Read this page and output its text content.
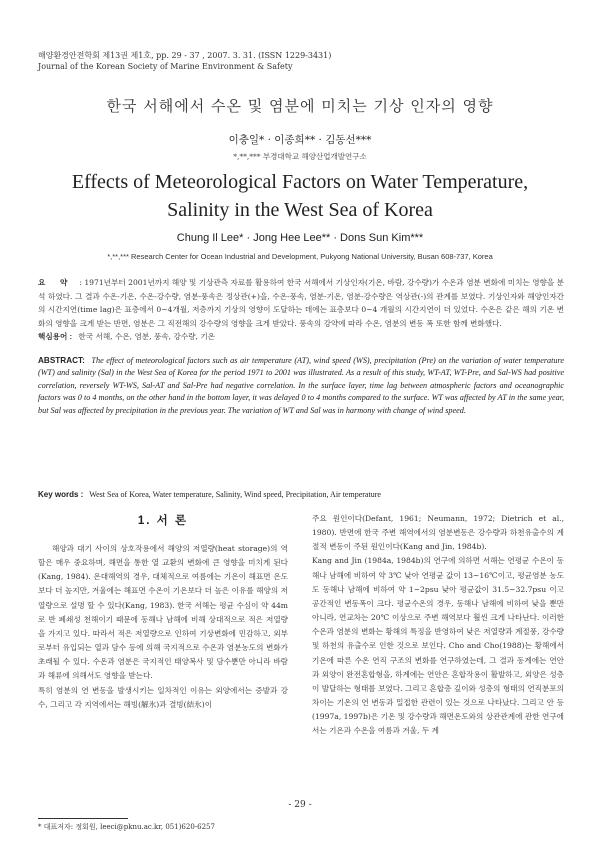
해양환경안전학회 제13권 제1호, pp. 29 - 37 , 2007. 3. 31. (ISSN 1229-3431)
Journal of the Korean Society of Marine Environment & Safety
한국 서해에서 수온 및 염분에 미치는 기상 인자의 영향
이충일* · 이종희** · 김동선***
*,**,*** 부경대학교 해양산업개발연구소
Effects of Meteorological Factors on Water Temperature,
Salinity in the West Sea of Korea
Chung Il Lee* · Jong Hee Lee** · Dons Sun Kim***
*,**,*** Research Center for Ocean Industrial and Development, Pukyong National University, Busan 608-737, Korea
요 약 : 1971년부터 2001년까지 해양 및 기상관측 자료를 활용하여 한국 서해에서 기상인자(기온, 바람, 강수량)가 수온과 염분 변화에 미치는 영향을 분석 하였다. 그 결과 수온-기온, 수온-강수량, 염분-풍속은 정상관(+)을, 수온-풍속, 염분-기온, 염분-강수량은 역상관(-)의 관계를 보였다. 기상인자와 해양인자간의 시간지연(time lag)은 표층에서 0~4개월, 저층까지 기상의 영향이 도달하는 데에는 표층보다 0~4 개월의 시간지연이 더 있었다. 수온은 같은 해의 기온 변화의 영향을 크게 받는 반면, 염분은 그 직전해의 강수량의 영향을 크게 받았다. 풍속의 강약에 따라 수온, 염분의 변동 폭 또한 함께 변화했다.
핵심용어 : 한국 서해, 수온, 염분, 풍속, 강수량, 기온
ABSTRACT: The effect of meteorological factors such as air temperature (AT), wind speed (WS), precipitation (Pre) on the variation of water temperature (WT) and salinity (Sal) in the West Sea of Korea for the period 1971 to 2001 was illustrated. As a result of this study, WT-AT, WT-Pre, and Sal-WS had positive correlation, reversely WT-WS, Sal-AT and Sal-Pre had negative correlation. In the surface layer, time lag between atmospheric factors and oceanographic factors was 0 to 4 months, on the other hand in the bottom layer, it was delayed 0 to 4 months compared to the surface. WT was affected by AT in the same year, but Sal was affected by precipitation in the previous year. The variation of WT and Sal was in harmony with change of wind speed.
Key words : West Sea of Korea, Water temperature, Salinity, Wind speed, Precipitation, Air temperature
1. 서 론

해양과 대기 사이의 상호작용에서 해양의 저열량(heat storage)의 역할은 매우 중요하며, 해면을 통한 열 교환의 변화에 큰 영향을 미치게 된다(Kang, 1984). 온대해역의 경우, 대체적으로 여름에는 기온이 해표면 온도보다 더 높지만, 겨울에는 해표면 수온이 기온보다 더 높은 이유를 해양의 저열량으로 설명 할 수 있다(Kang, 1983). 한국 서해는 평균 수심이 약 44m로 반 폐쇄성 천해이기 때문에 동해나 남해에 비해 상대적으로 적은 저열량을 가지고 있다. 따라서 적은 저열량으로 인하여 기상변화에 민감하고, 외부로부터 유입되는 열과 담수 등에 의해 국지적으로 수온과 염분농도의 변화가 초래될 수 있다. 수온과 염분은 국지적인 태양복사 및 담수뿐만 아니라 바람과 해류에 의해서도 영향을 받는다.

특히 염분의 연 변동을 발생시키는 일차적인 이유는 외양에서는 증발과 강수, 그리고 각 지역에서는 해빙(解氷)과 결빙(結氷)이

주요 원인이다(Defant, 1961; Neumann, 1972; Dietrich et al., 1980). 반면에 한국 주변 해역에서의 염분변동은 강수량과 하천유출수의 계절적 변동이 주된 원인이다(Kang and Jin, 1984b).

Kang and Jin (1984a, 1984b)의 연구에 의하면 서해는 연평균 수온이 동해나 남해에 비하여 약 3℃ 낮아 연평균 값이 13~16℃이고, 평균염분 농도도 동해나 남해에 비하여 약 1~2psu 낮아 평균값이 31.5~32.7psu 이고 공간적인 변동폭이 크다. 평균수온의 경우, 동해나 남해에 비하여 낮을 뿐만 아니라, 연교차는 20℃ 이상으로 주변 해역보다 훨씬 크게 나타난다. 이러한 수온과 염분의 변화는 황해의 특징을 반영하여 낮은 저열량과 계절풍, 강수량 및 하천의 유출수로 인한 것으로 보인다. Cho and Cho(1988)는 황해에서 기온에 따른 수온 연직 구조의 변화를 연구하였는데, 그 결과 동계에는 연안과 외양이 완전혼합형을, 하계에는 연안은 혼합작용이 활발하고, 외양은 성층이 발달하는 형태를 보였다. 그리고 혼합층 깊이와 성층의 형태의 연직분포의 차이는 기온의 연 변동과 밀접한 관련이 있는 것으로 나타났다. 그리고 안 등(1997a, 1997b)은 기온 및 강수량과 해면온도와의 상관관계에 관한 연구에서는 기온과 수온을 여름과 겨울, 두 계

- 29 -
* 대표저자: 정회원, leeci@pknu.ac.kr, 051)620-6257
